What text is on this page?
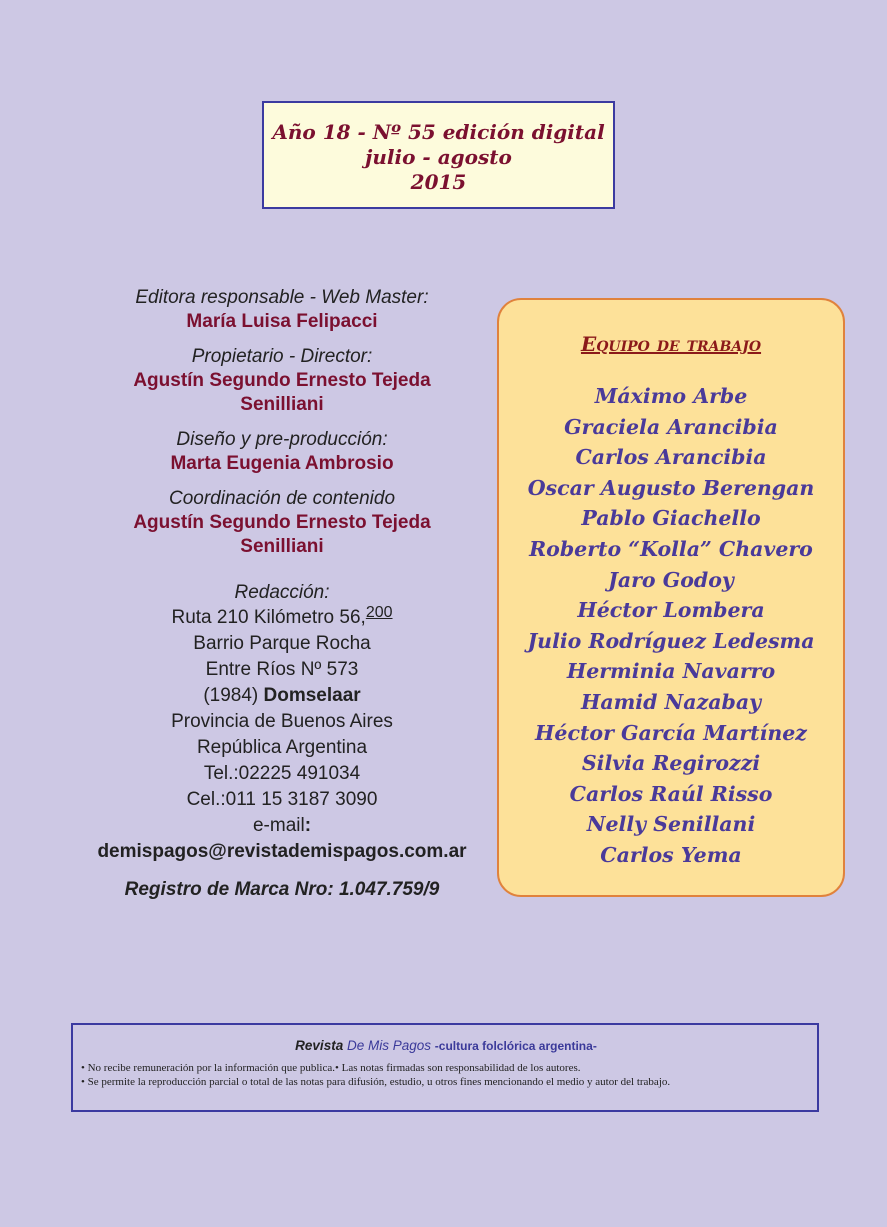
Año 18 - Nº 55 edición digital
julio - agosto
2015
Editora responsable - Web Master:
María Luisa Felipacci
Propietario - Director:
Agustín Segundo Ernesto Tejeda
Senilliani
Diseño y pre-producción:
Marta Eugenia Ambrosio
Coordinación de contenido
Agustín Segundo Ernesto Tejeda
Senilliani
Redacción:
Ruta 210 Kilómetro 56,$^{200}$
Barrio Parque Rocha
Entre Ríos Nº 573
(1984) Domselaar
Provincia de Buenos Aires
República Argentina
Tel.:02225 491034
Cel.:011 15 3187 3090
e-mail:
demispagos@revistademispagos.com.ar
Registro de Marca Nro: 1.047.759/9
Equipo de trabajo
Máximo Arbe
Graciela Arancibia
Carlos Arancibia
Oscar Augusto Berengan
Pablo Giachello
Roberto “Kolla” Chavero
Jaro Godoy
Héctor Lombera
Julio Rodríguez Ledesma
Herminia Navarro
Hamid Nazabay
Héctor García Martínez
Silvia Regirozzi
Carlos Raúl Risso
Nelly Senillani
Carlos Yema
Revista De Mis Pagos -cultura folclórica argentina-
• No recibe remuneración por la información que publica.• Las notas firmadas son responsabilidad de los autores.
• Se permite la reproducción parcial o total de las notas para difusión, estudio, u otros fines mencionando el medio y autor del trabajo.
